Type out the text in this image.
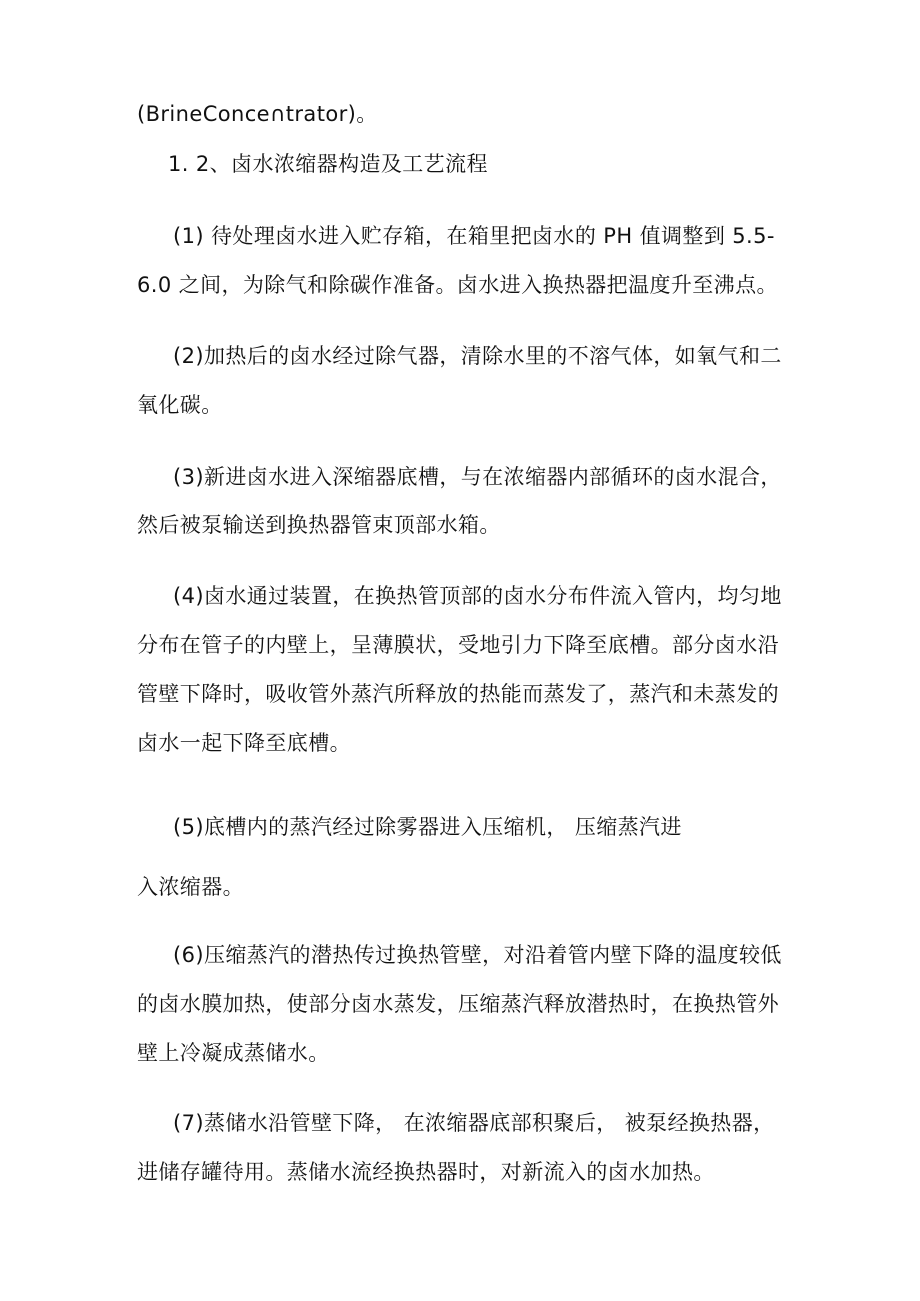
(BrineConce∩trator)。
1. 2、卤水浓缩器构造及工艺流程
(1) 待处理卤水进入贮存箱，在箱里把卤水的 PH 值调整到 5.5-
6.0 之间，为除气和除碳作准备。卤水进入换热器把温度升至沸点。
(2)加热后的卤水经过除气器，清除水里的不溶气体，如氧气和二
氧化碳。
(3)新进卤水进入深缩器底槽，与在浓缩器内部循环的卤水混合，
然后被泵输送到换热器管束顶部水箱。
(4)卤水通过装置，在换热管顶部的卤水分布件流入管内，均匀地
分布在管子的内壁上，呈薄膜状，受地引力下降至底槽。部分卤水沿
管壁下降时，吸收管外蒸汽所释放的热能而蒸发了，蒸汽和未蒸发的
卤水一起下降至底槽。
(5)底槽内的蒸汽经过除雾器进入压缩机， 压缩蒸汽进
入浓缩器。
(6)压缩蒸汽的潜热传过换热管壁，对沿着管内壁下降的温度较低
的卤水膜加热，使部分卤水蒸发，压缩蒸汽释放潜热时，在换热管外
壁上冷凝成蒸储水。
(7)蒸储水沿管壁下降， 在浓缩器底部积聚后， 被泵经换热器，
进储存罐待用。蒸储水流经换热器时，对新流入的卤水加热。
